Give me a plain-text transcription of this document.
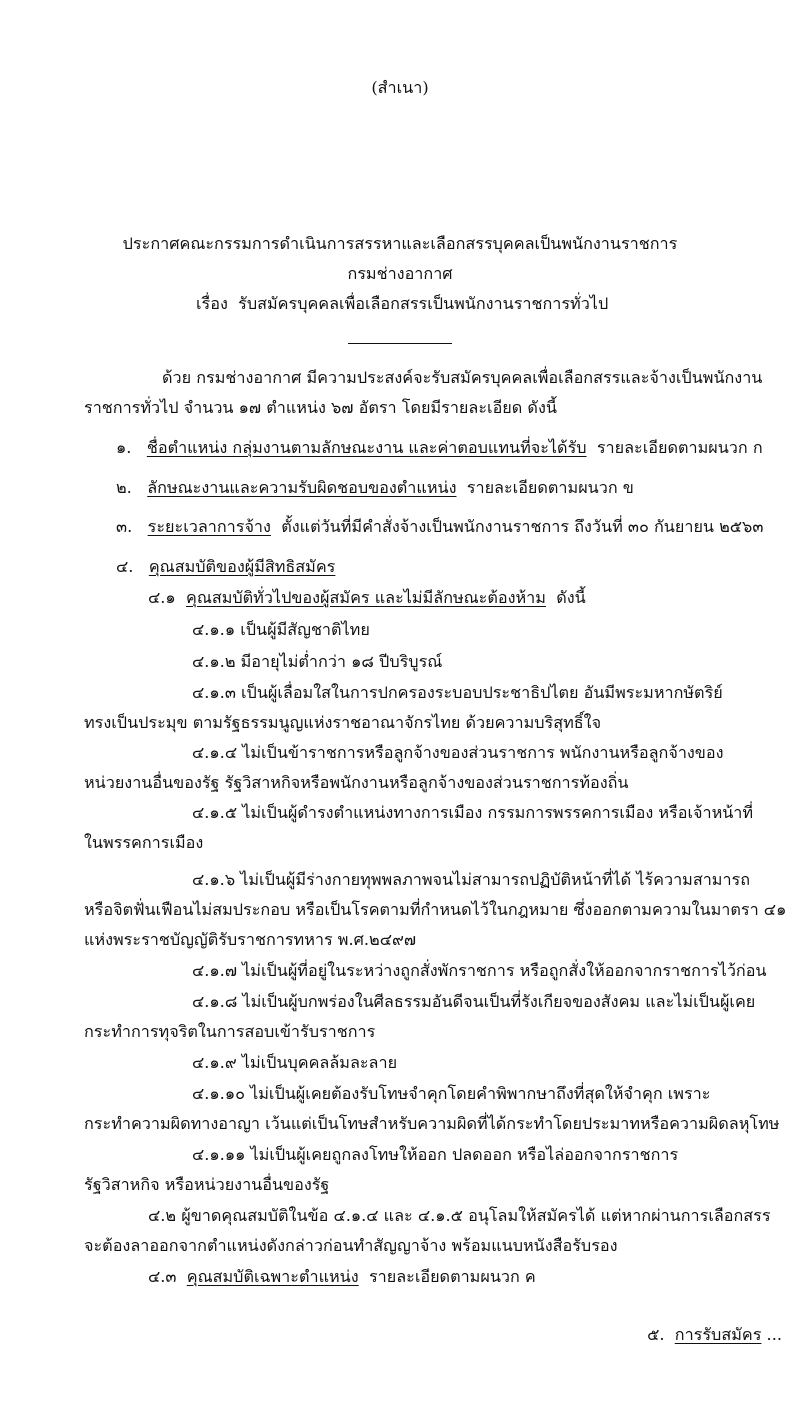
(สำเนา)
ประกาศคณะกรรมการดำเนินการสรรหาและเลือกสรรบุคคลเป็นพนักงานราชการ
กรมช่างอากาศ
เรื่อง รับสมัครบุคคลเพื่อเลือกสรรเป็นพนักงานราชการทั่วไป
ด้วย กรมช่างอากาศ มีความประสงค์จะรับสมัครบุคคลเพื่อเลือกสรรและจ้างเป็นพนักงาน
ราชการทั่วไป จำนวน ๑๗ ตำแหน่ง ๖๗ อัตรา โดยมีรายละเอียด ดังนี้
๑. ชื่อตำแหน่ง กลุ่มงานตามลักษณะงาน และค่าตอบแทนที่จะได้รับ รายละเอียดตามผนวก ก
๒. ลักษณะงานและความรับผิดชอบของตำแหน่ง รายละเอียดตามผนวก ข
๓. ระยะเวลาการจ้าง ตั้งแต่วันที่มีคำสั่งจ้างเป็นพนักงานราชการ ถึงวันที่ ๓๐ กันยายน ๒๕๖๓
๔. คุณสมบัติของผู้มีสิทธิสมัคร
๔.๑ คุณสมบัติทั่วไปของผู้สมัคร และไม่มีลักษณะต้องห้าม ดังนี้
๔.๑.๑ เป็นผู้มีสัญชาติไทย
๔.๑.๒ มีอายุไม่ต่ำกว่า ๑๘ ปีบริบูรณ์
๔.๑.๓ เป็นผู้เลื่อมใสในการปกครองระบอบประชาธิปไตย อันมีพระมหากษัตริย์
ทรงเป็นประมุข ตามรัฐธรรมนูญแห่งราชอาณาจักรไทย ด้วยความบริสุทธิ์ใจ
๔.๑.๔ ไม่เป็นข้าราชการหรือลูกจ้างของส่วนราชการ พนักงานหรือลูกจ้างของ
หน่วยงานอื่นของรัฐ รัฐวิสาหกิจหรือพนักงานหรือลูกจ้างของส่วนราชการท้องถิ่น
๔.๑.๕ ไม่เป็นผู้ดำรงตำแหน่งทางการเมือง กรรมการพรรคการเมือง หรือเจ้าหน้าที่
ในพรรคการเมือง
๔.๑.๖ ไม่เป็นผู้มีร่างกายทุพพลภาพจนไม่สามารถปฏิบัติหน้าที่ได้ ไร้ความสามารถ
หรือจิตฟั่นเฟือนไม่สมประกอบ หรือเป็นโรคตามที่กำหนดไว้ในกฎหมาย ซึ่งออกตามความในมาตรา ๔๑
แห่งพระราชบัญญัติรับราชการทหาร พ.ศ.๒๔๙๗
๔.๑.๗ ไม่เป็นผู้ที่อยู่ในระหว่างถูกสั่งพักราชการ หรือถูกสั่งให้ออกจากราชการไว้ก่อน
๔.๑.๘ ไม่เป็นผู้บกพร่องในศีลธรรมอันดีจนเป็นที่รังเกียจของสังคม และไม่เป็นผู้เคย
กระทำการทุจริตในการสอบเข้ารับราชการ
๔.๑.๙ ไม่เป็นบุคคลล้มละลาย
๔.๑.๑๐ ไม่เป็นผู้เคยต้องรับโทษจำคุกโดยคำพิพากษาถึงที่สุดให้จำคุก เพราะ
กระทำความผิดทางอาญา เว้นแต่เป็นโทษสำหรับความผิดที่ได้กระทำโดยประมาทหรือความผิดลหุโทษ
๔.๑.๑๑ ไม่เป็นผู้เคยถูกลงโทษให้ออก ปลดออก หรือไล่ออกจากราชการ
รัฐวิสาหกิจ หรือหน่วยงานอื่นของรัฐ
๔.๒ ผู้ขาดคุณสมบัติในข้อ ๔.๑.๔ และ ๔.๑.๕ อนุโลมให้สมัครได้ แต่หากผ่านการเลือกสรร
จะต้องลาออกจากตำแหน่งดังกล่าวก่อนทำสัญญาจ้าง พร้อมแนบหนังสือรับรอง
๔.๓ คุณสมบัติเฉพาะตำแหน่ง รายละเอียดตามผนวก ค
๕. การรับสมัคร ...
